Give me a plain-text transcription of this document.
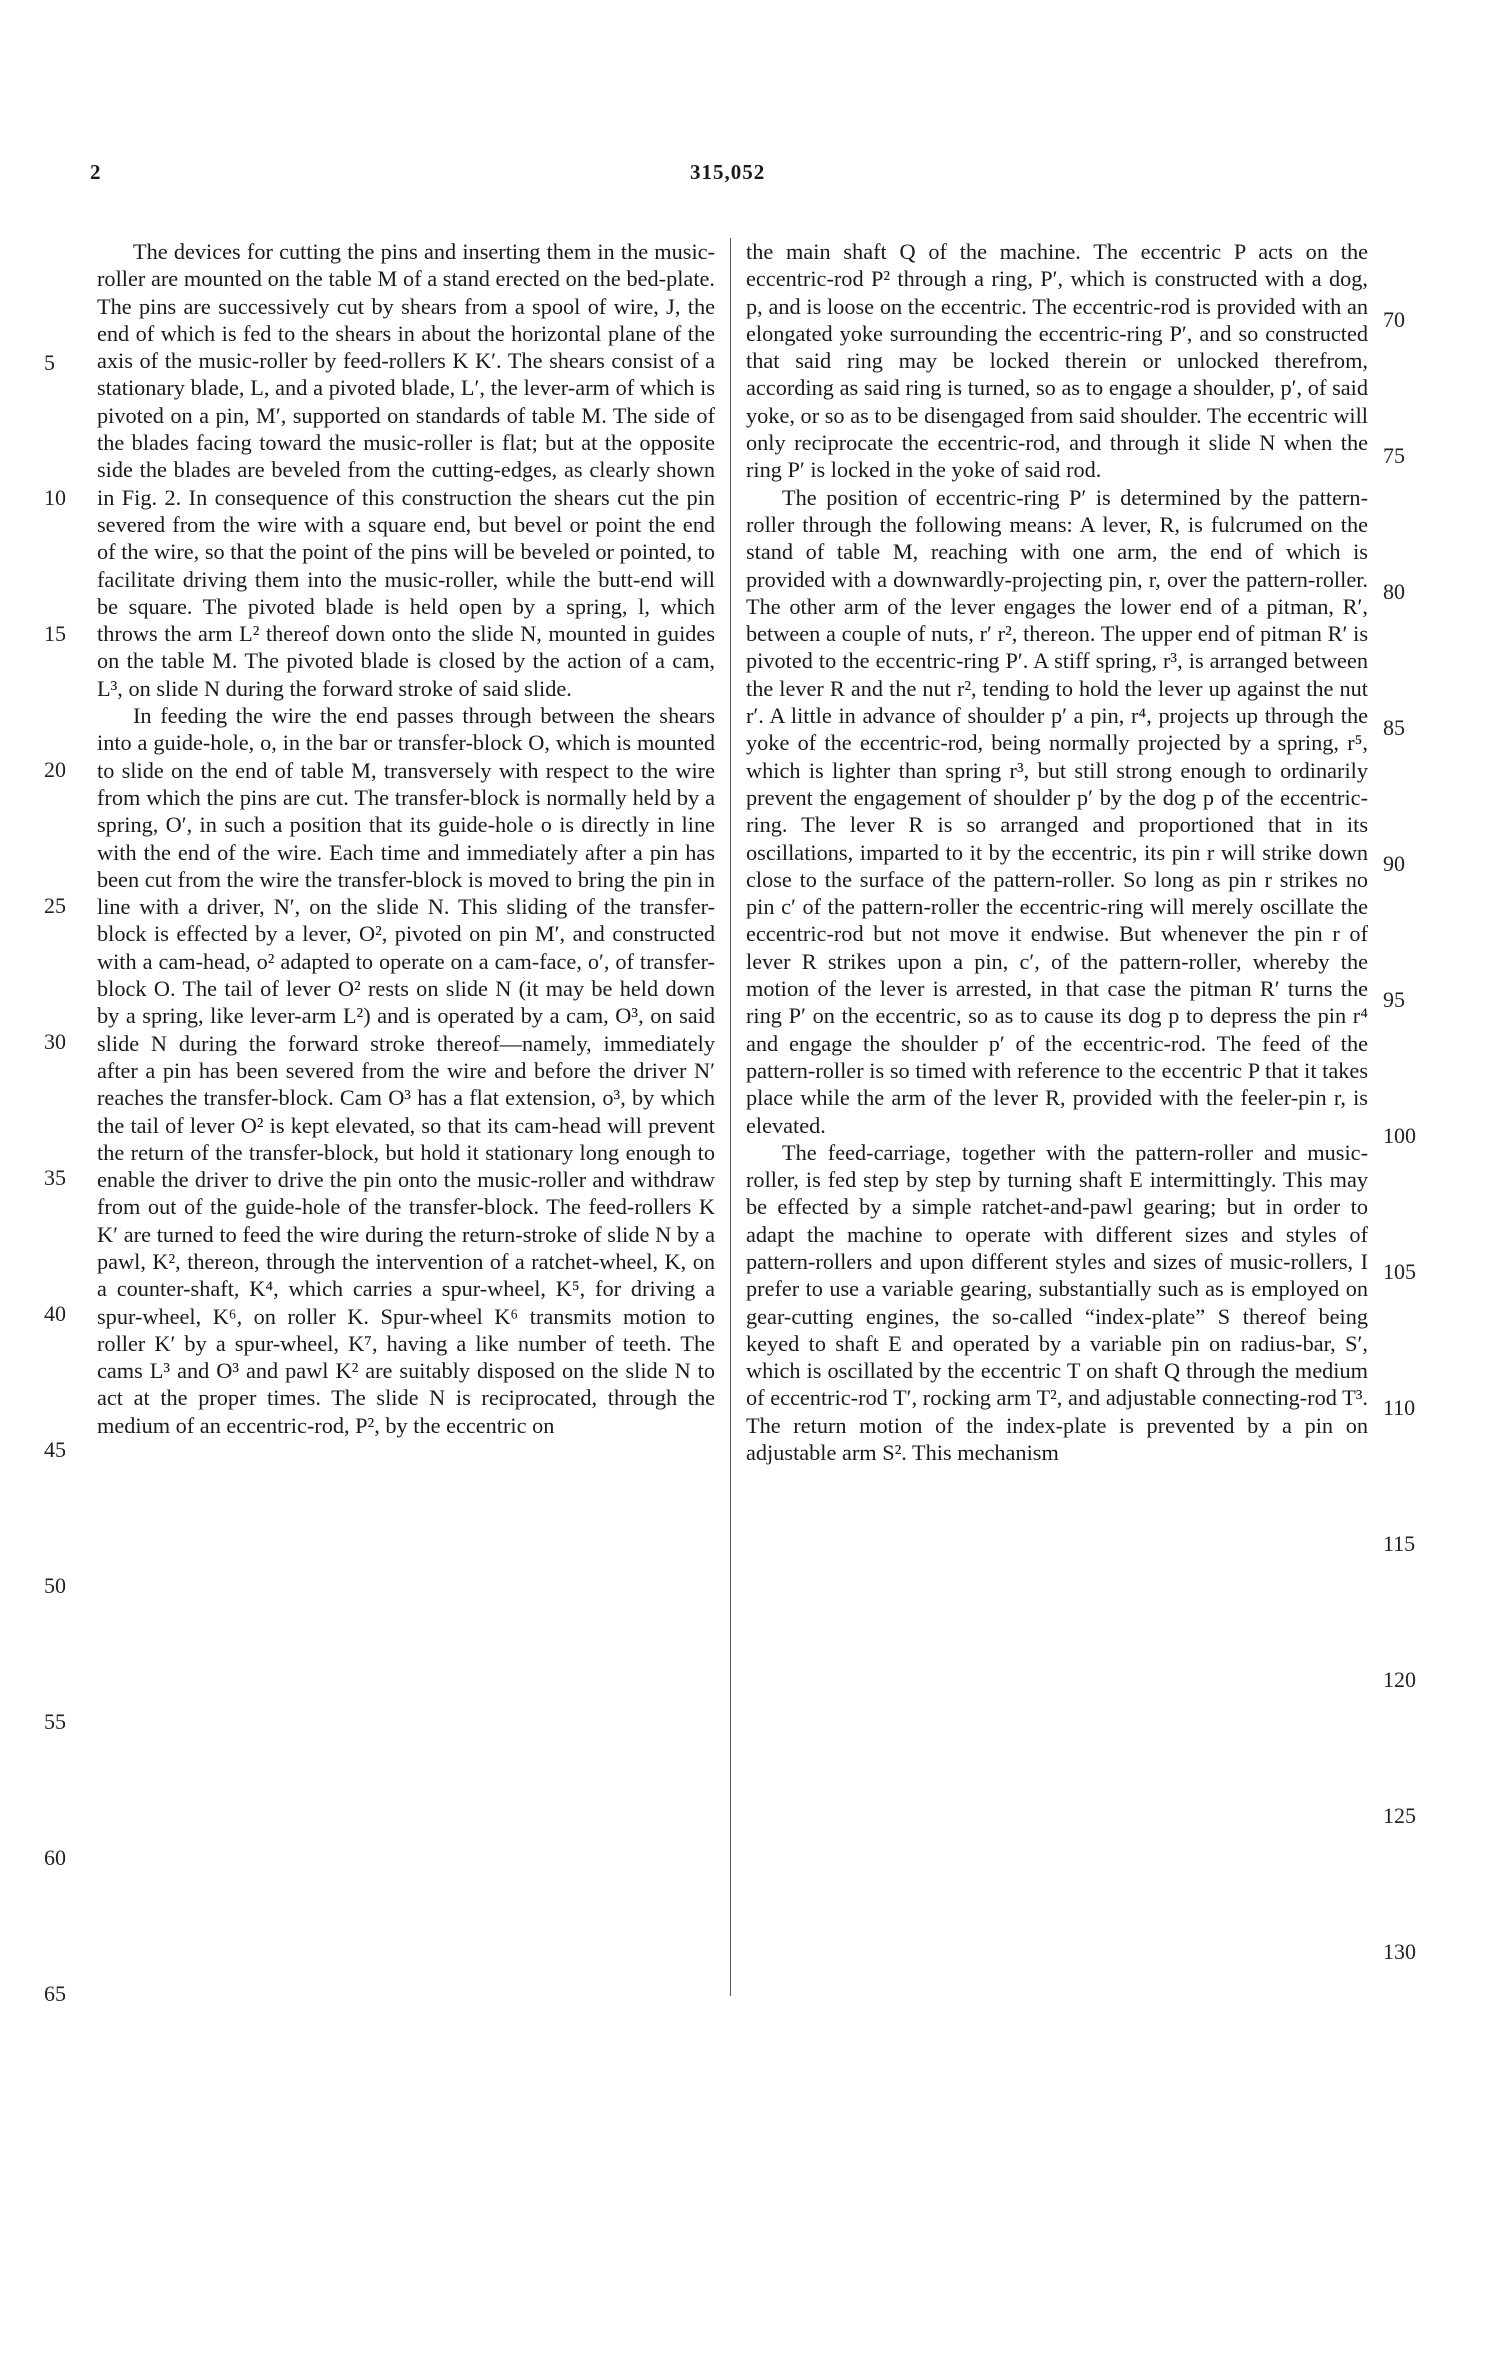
2	315,052

The devices for cutting the pins and inserting them in the music-roller are mounted on the table M of a stand erected on the bed-plate. The pins are successively cut by shears from a spool of wire, J, the end of which is fed to the shears in about the horizontal plane of the axis of the music-roller by feed-rollers K K′. The shears consist of a stationary blade, L, and a pivoted blade, L′, the lever-arm of which is pivoted on a pin, M′, supported on standards of table M. The side of the blades facing toward the music-roller is flat; but at the opposite side the blades are beveled from the cutting-edges, as clearly shown in Fig. 2. In consequence of this construction the shears cut the pin severed from the wire with a square end, but bevel or point the end of the wire, so that the point of the pins will be beveled or pointed, to facilitate driving them into the music-roller, while the butt-end will be square. The pivoted blade is held open by a spring, l, which throws the arm L² thereof down onto the slide N, mounted in guides on the table M. The pivoted blade is closed by the action of a cam, L³, on slide N during the forward stroke of said slide.

In feeding the wire the end passes through between the shears into a guide-hole, o, in the bar or transfer-block O, which is mounted to slide on the end of table M, transversely with respect to the wire from which the pins are cut. The transfer-block is normally held by a spring, O′, in such a position that its guide-hole o is directly in line with the end of the wire. Each time and immediately after a pin has been cut from the wire the transfer-block is moved to bring the pin in line with a driver, N′, on the slide N. This sliding of the transfer-block is effected by a lever, O², pivoted on pin M′, and constructed with a cam-head, o² adapted to operate on a cam-face, o′, of transfer-block O. The tail of lever O² rests on slide N (it may be held down by a spring, like lever-arm L²) and is operated by a cam, O³, on said slide N during the forward stroke thereof—namely, immediately after a pin has been severed from the wire and before the driver N′ reaches the transfer-block. Cam O³ has a flat extension, o³, by which the tail of lever O² is kept elevated, so that its cam-head will prevent the return of the transfer-block, but hold it stationary long enough to enable the driver to drive the pin onto the music-roller and withdraw from out of the guide-hole of the transfer-block. The feed-rollers K K′ are turned to feed the wire during the return-stroke of slide N by a pawl, K², thereon, through the intervention of a ratchet-wheel, K, on a counter-shaft, K⁴, which carries a spur-wheel, K⁵, for driving a spur-wheel, K⁶, on roller K. Spur-wheel K⁶ transmits motion to roller K′ by a spur-wheel, K⁷, having a like number of teeth. The cams L³ and O³ and pawl K² are suitably disposed on the slide N to act at the proper times. The slide N is reciprocated, through the medium of an eccentric-rod, P², by the eccentric on

the main shaft Q of the machine. The eccentric P acts on the eccentric-rod P² through a ring, P′, which is constructed with a dog, p, and is loose on the eccentric. The eccentric-rod is provided with an elongated yoke surrounding the eccentric-ring P′, and so constructed that said ring may be locked therein or unlocked therefrom, according as said ring is turned, so as to engage a shoulder, p′, of said yoke, or so as to be disengaged from said shoulder. The eccentric will only reciprocate the eccentric-rod, and through it slide N when the ring P′ is locked in the yoke of said rod.

The position of eccentric-ring P′ is determined by the pattern-roller through the following means: A lever, R, is fulcrumed on the stand of table M, reaching with one arm, the end of which is provided with a downwardly-projecting pin, r, over the pattern-roller. The other arm of the lever engages the lower end of a pitman, R′, between a couple of nuts, r′ r², thereon. The upper end of pitman R′ is pivoted to the eccentric-ring P′. A stiff spring, r³, is arranged between the lever R and the nut r², tending to hold the lever up against the nut r′. A little in advance of shoulder p′ a pin, r⁴, projects up through the yoke of the eccentric-rod, being normally projected by a spring, r⁵, which is lighter than spring r³, but still strong enough to ordinarily prevent the engagement of shoulder p′ by the dog p of the eccentric-ring. The lever R is so arranged and proportioned that in its oscillations, imparted to it by the eccentric, its pin r will strike down close to the surface of the pattern-roller. So long as pin r strikes no pin c′ of the pattern-roller the eccentric-ring will merely oscillate the eccentric-rod but not move it endwise. But whenever the pin r of lever R strikes upon a pin, c′, of the pattern-roller, whereby the motion of the lever is arrested, in that case the pitman R′ turns the ring P′ on the eccentric, so as to cause its dog p to depress the pin r⁴ and engage the shoulder p′ of the eccentric-rod. The feed of the pattern-roller is so timed with reference to the eccentric P that it takes place while the arm of the lever R, provided with the feeler-pin r, is elevated.

The feed-carriage, together with the pattern-roller and music-roller, is fed step by step by turning shaft E intermittingly. This may be effected by a simple ratchet-and-pawl gearing; but in order to adapt the machine to operate with different sizes and styles of pattern-rollers and upon different styles and sizes of music-rollers, I prefer to use a variable gearing, substantially such as is employed on gear-cutting engines, the so-called “index-plate” S thereof being keyed to shaft E and operated by a variable pin on radius-bar, S′, which is oscillated by the eccentric T on shaft Q through the medium of eccentric-rod T′, rocking arm T², and adjustable connecting-rod T³. The return motion of the index-plate is prevented by a pin on adjustable arm S². This mechanism

5
10
15
20
25
30
35
40
45
50
55
60
65
70
75
80
85
90
95
100
105
110
115
120
125
130
